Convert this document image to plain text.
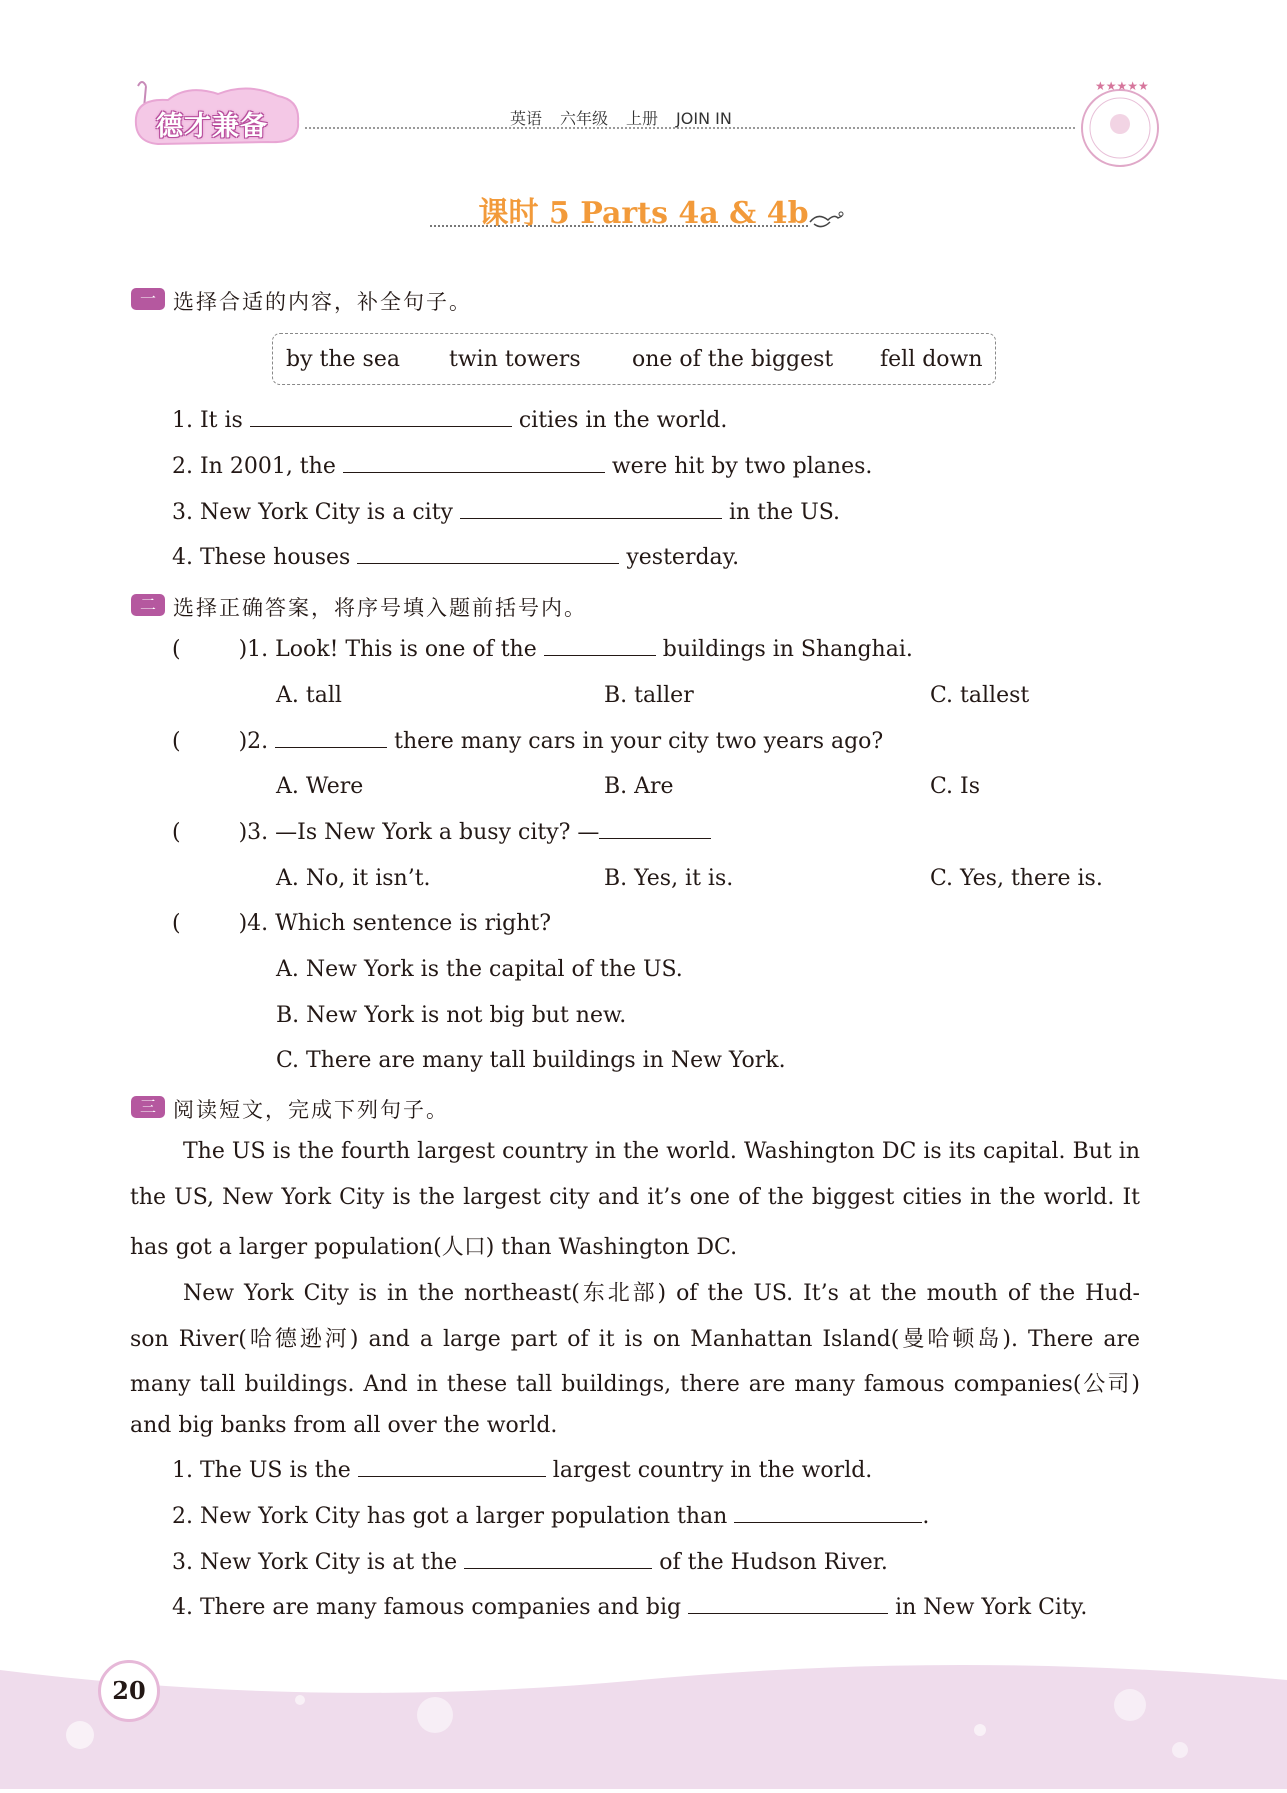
德才兼备	英语 六年级 上册 JOIN IN
★★★★★
课时 5 Parts 4a & 4b
一 选择合适的内容，补全句子。
by the sea twin towers one of the biggest fell down
1. It is	cities in the world.
2. In 2001, the	were hit by two planes.
3. New York City is a city	in the US.
4. These houses	yesterday.
二 选择正确答案，将序号填入题前括号内。
(	)1. Look! This is one of the	buildings in Shanghai.
A. tall	B. taller	C. tallest
(	)2.	there many cars in your city two years ago?
A. Were	B. Are	C. Is
(	)3. —Is New York a busy city? —
A. No, it isn’t.	B. Yes, it is.	C. Yes, there is.
(	)4. Which sentence is right?
A. New York is the capital of the US.
B. New York is not big but new.
C. There are many tall buildings in New York.
三 阅读短文，完成下列句子。
The US is the fourth largest country in the world. Washington DC is its capital. But in
the US, New York City is the largest city and it’s one of the biggest cities in the world. It
has got a larger population(人口) than Washington DC.
New York City is in the northeast(东北部) of the US. It’s at the mouth of the Hud-
son River(哈德逊河) and a large part of it is on Manhattan Island(曼哈顿岛). There are
many tall buildings. And in these tall buildings, there are many famous companies(公司)
and big banks from all over the world.
1. The US is the	largest country in the world.
2. New York City has got a larger population than	.
3. New York City is at the	of the Hudson River.
4. There are many famous companies and big	in New York City.
20
